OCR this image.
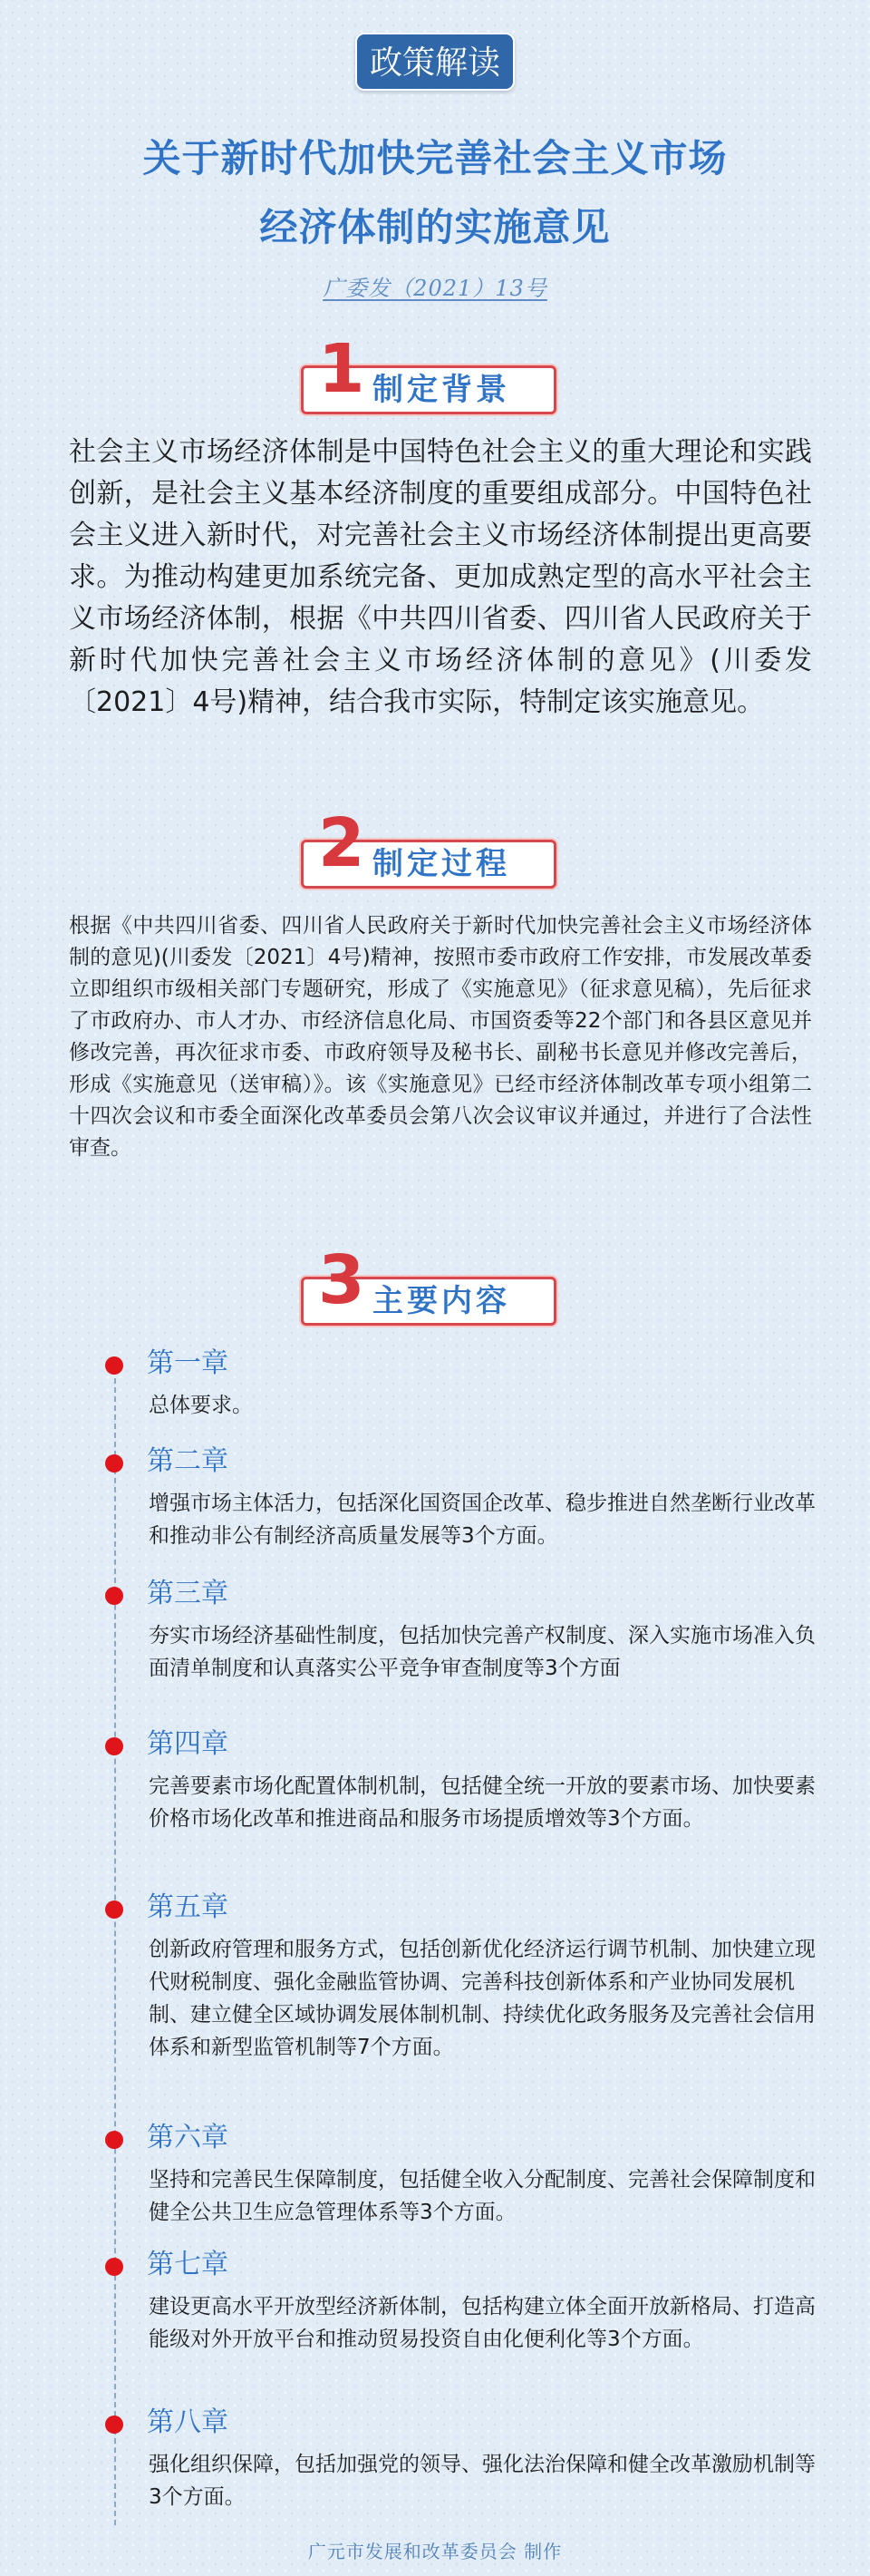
政策解读
关于新时代加快完善社会主义市场
经济体制的实施意见
广委发（2021）13号
1 制定背景
社会主义市场经济体制是中国特色社会主义的重大理论和实践创新，是社会主义基本经济制度的重要组成部分。中国特色社会主义进入新时代，对完善社会主义市场经济体制提出更高要求。为推动构建更加系统完备、更加成熟定型的高水平社会主义市场经济体制，根据《中共四川省委、四川省人民政府关于新时代加快完善社会主义市场经济体制的意见》(川委发〔2021〕4号)精神，结合我市实际，特制定该实施意见。
2 制定过程
根据《中共四川省委、四川省人民政府关于新时代加快完善社会主义市场经济体制的意见)(川委发〔2021〕4号)精神，按照市委市政府工作安排，市发展改革委立即组织市级相关部门专题研究，形成了《实施意见》（征求意见稿），先后征求了市政府办、市人才办、市经济信息化局、市国资委等22个部门和各县区意见并修改完善，再次征求市委、市政府领导及秘书长、副秘书长意见并修改完善后，形成《实施意见（送审稿）》。该《实施意见》已经市经济体制改革专项小组第二十四次会议和市委全面深化改革委员会第八次会议审议并通过，并进行了合法性审查。
3 主要内容
第一章
总体要求。
第二章
增强市场主体活力，包括深化国资国企改革、稳步推进自然垄断行业改革和推动非公有制经济高质量发展等3个方面。
第三章
夯实市场经济基础性制度，包括加快完善产权制度、深入实施市场准入负面清单制度和认真落实公平竞争审查制度等3个方面
第四章
完善要素市场化配置体制机制，包括健全统一开放的要素市场、加快要素价格市场化改革和推进商品和服务市场提质增效等3个方面。
第五章
创新政府管理和服务方式，包括创新优化经济运行调节机制、加快建立现代财税制度、强化金融监管协调、完善科技创新体系和产业协同发展机制、建立健全区域协调发展体制机制、持续优化政务服务及完善社会信用体系和新型监管机制等7个方面。
第六章
坚持和完善民生保障制度，包括健全收入分配制度、完善社会保障制度和健全公共卫生应急管理体系等3个方面。
第七章
建设更高水平开放型经济新体制，包括构建立体全面开放新格局、打造高能级对外开放平台和推动贸易投资自由化便利化等3个方面。
第八章
强化组织保障，包括加强党的领导、强化法治保障和健全改革激励机制等3个方面。
广元市发展和改革委员会 制作
